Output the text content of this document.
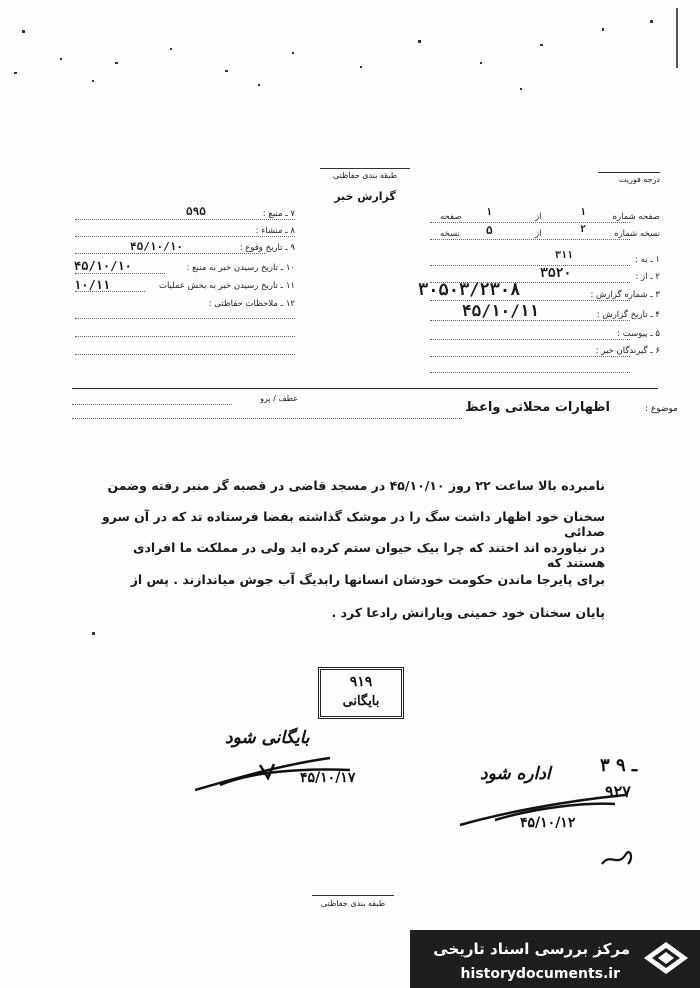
طبقه بندی حفاظتی	درجه فوریت
گزارش خبر
۷ ـ منبع :
۵۹۵
۸ ـ منشاء :
۹ ـ تاریخ وقوع :
۴۵/۱۰/۱۰
۱۰ ـ تاریخ رسیدن خبر به منبع :
۴۵/۱۰/۱۰
۱۱ ـ تاریخ رسیدن خبر به بخش عملیات
۱۰/۱۱
۱۲ ـ ملاحظات حفاظتی :
صفحه شماره
۱
از
۱
صفحه
نسخه شماره
۲
از
۵
نسخه
۱ ـ به :
۳۱۱
۲ ـ از :
۳۵۲۰
۳ ـ شماره گزارش :
۳۰۵۰۳/۲۳۰۸
۴ ـ تاریخ گزارش :
۴۵/۱۰/۱۱
۵ ـ پیوست :
۶ ـ گیرندگان خبر :
عطف / پرو
موضوع :
اظهارات محلاتی واعظ
نامبرده بالا ساعت ۲۲ روز ۴۵/۱۰/۱۰ در مسجد قاضی در قصبه گز منبر رفته وضمن
سخنان خود اظهار داشت سگ را در موشک گذاشته بفضا فرستاده تد که در آن سرو صدائی
در نیاورده اند اختند که چرا بیک حیوان ستم کرده اید ولی در مملکت ما افرادی هستند که
برای پایرجا ماندن حکومت خودشان انسانها رابدیگ آب جوش میاندازند . پس از
پایان سخنان خود خمینی ویارانش رادعا کرد .
۹۱۹
بایگانی
بایگانی شود
۴۵/۱۰/۱۷
۳ ـ ۹
اداره شود
۹۲۷
۴۵/۱۰/۱۲
طبقه بندی حفاظتی
مرکز بررسی اسناد تاریخی
historydocuments.ir
